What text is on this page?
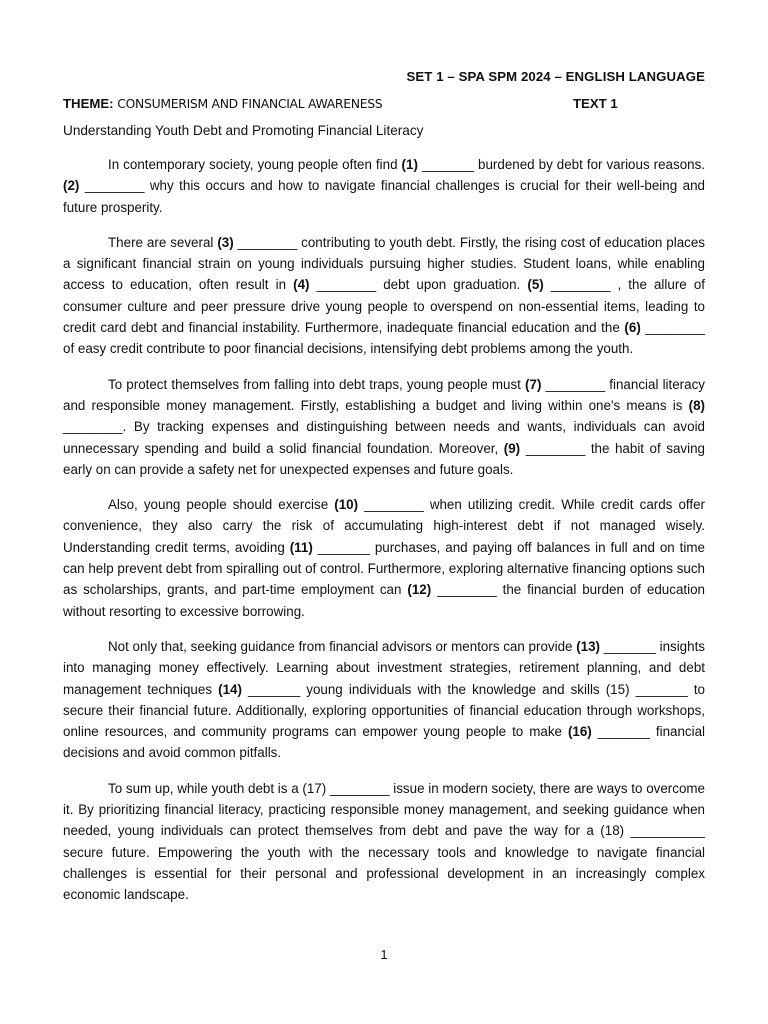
SET 1 – SPA SPM 2024 – ENGLISH LANGUAGE
THEME: CONSUMERISM AND FINANCIAL AWARENESS	TEXT 1
Understanding Youth Debt and Promoting Financial Literacy

In contemporary society, young people often find (1) _______ burdened by debt for various reasons. (2) ________ why this occurs and how to navigate financial challenges is crucial for their well-being and future prosperity.

There are several (3) ________ contributing to youth debt. Firstly, the rising cost of education places a significant financial strain on young individuals pursuing higher studies. Student loans, while enabling access to education, often result in (4) ________ debt upon graduation. (5) ________ , the allure of consumer culture and peer pressure drive young people to overspend on non-essential items, leading to credit card debt and financial instability. Furthermore, inadequate financial education and the (6) ________ of easy credit contribute to poor financial decisions, intensifying debt problems among the youth.

To protect themselves from falling into debt traps, young people must (7) ________ financial literacy and responsible money management. Firstly, establishing a budget and living within one's means is (8) ________. By tracking expenses and distinguishing between needs and wants, individuals can avoid unnecessary spending and build a solid financial foundation. Moreover, (9) ________ the habit of saving early on can provide a safety net for unexpected expenses and future goals.

Also, young people should exercise (10) ________ when utilizing credit. While credit cards offer convenience, they also carry the risk of accumulating high-interest debt if not managed wisely. Understanding credit terms, avoiding (11) _______ purchases, and paying off balances in full and on time can help prevent debt from spiralling out of control. Furthermore, exploring alternative financing options such as scholarships, grants, and part-time employment can (12) ________ the financial burden of education without resorting to excessive borrowing.

Not only that, seeking guidance from financial advisors or mentors can provide (13) _______ insights into managing money effectively. Learning about investment strategies, retirement planning, and debt management techniques (14) _______ young individuals with the knowledge and skills (15) _______ to secure their financial future. Additionally, exploring opportunities of financial education through workshops, online resources, and community programs can empower young people to make (16) _______ financial decisions and avoid common pitfalls.

To sum up, while youth debt is a (17) ________ issue in modern society, there are ways to overcome it. By prioritizing financial literacy, practicing responsible money management, and seeking guidance when needed, young individuals can protect themselves from debt and pave the way for a (18) __________ secure future. Empowering the youth with the necessary tools and knowledge to navigate financial challenges is essential for their personal and professional development in an increasingly complex economic landscape.

1
